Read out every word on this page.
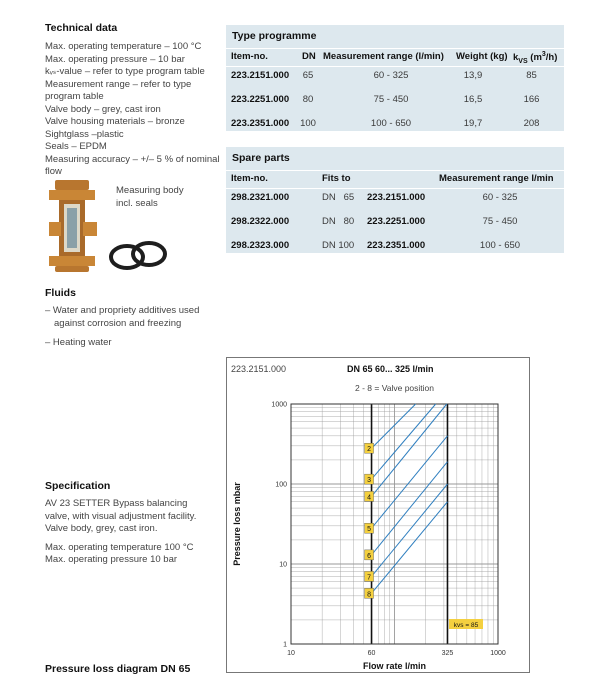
Technical data
Max. operating temperature – 100 °C
Max. operating pressure – 10 bar
kᵥₛ-value – refer to type program table
Measurement range – refer to type
program table
Valve body – grey, cast iron
Valve housing materials – bronze
Sightglass –plastic
Seals – EPDM
Measuring accuracy – +/– 5 % of nominal
flow
Measuring body
incl. seals
Type programme
Item-no.	DN Measurement range (l/min) Weight (kg) $k_{VS}$ $(m^3/h)$
223.2151.000	65	60 - 325	13,9	85
223.2251.000	80	75 - 450	16,5	166
223.2351.000	100	100 - 650	19,7	208
Spare parts
Item-no.	Fits to	Measurement range l/min
298.2321.000	DN   65 223.2151.000	60 - 325
298.2322.000	DN   80 223.2251.000	75 - 450
298.2323.000	DN 100 223.2351.000	100 - 650
Fluids
– Water and propriety additives used
against corrosion and freezing
– Heating water
Specification
AV 23 SETTER Bypass balancing
valve, with visual adjustment facility.
Valve body, grey, cast iron.
Max. operating temperature 100 °C
Max. operating pressure 10 bar
Pressure loss diagram DN 65
223.2151.000	DN 65 60... 325 l/min
2 - 8 = Valve position
10	60	325	1000
1
10
100
1000
Flow rate l/min
Pressure loss mbar
2
3
4
5
6
7
8
kvs = 85
